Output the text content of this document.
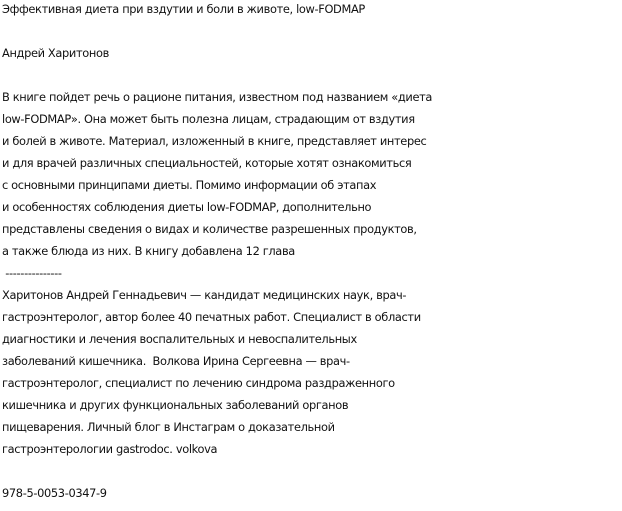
Эффективная диета при вздутии и боли в животе, low-FODMAP
Андрей Харитонов
В книге пойдет речь о рационе питания, известном под названием «диета
low-FODMAP». Она может быть полезна лицам, страдающим от вздутия
и болей в животе. Материал, изложенный в книге, представляет интерес
и для врачей различных специальностей, которые хотят ознакомиться
с основными принципами диеты. Помимо информации об этапах
и особенностях соблюдения диеты low-FODMAP, дополнительно
представлены сведения о видах и количестве разрешенных продуктов,
а также блюда из них. В книгу добавлена 12 глава
---------------
Харитонов Андрей Геннадьевич — кандидат медицинских наук, врач-
гастроэнтеролог, автор более 40 печатных работ. Специалист в области
диагностики и лечения воспалительных и невоспалительных
заболеваний кишечника.  Волкова Ирина Сергеевна — врач-
гастроэнтеролог, специалист по лечению синдрома раздраженного
кишечника и других функциональных заболеваний органов
пищеварения. Личный блог в Инстаграм о доказательной
гастроэнтерологии gastrodoc. volkova
978-5-0053-0347-9
